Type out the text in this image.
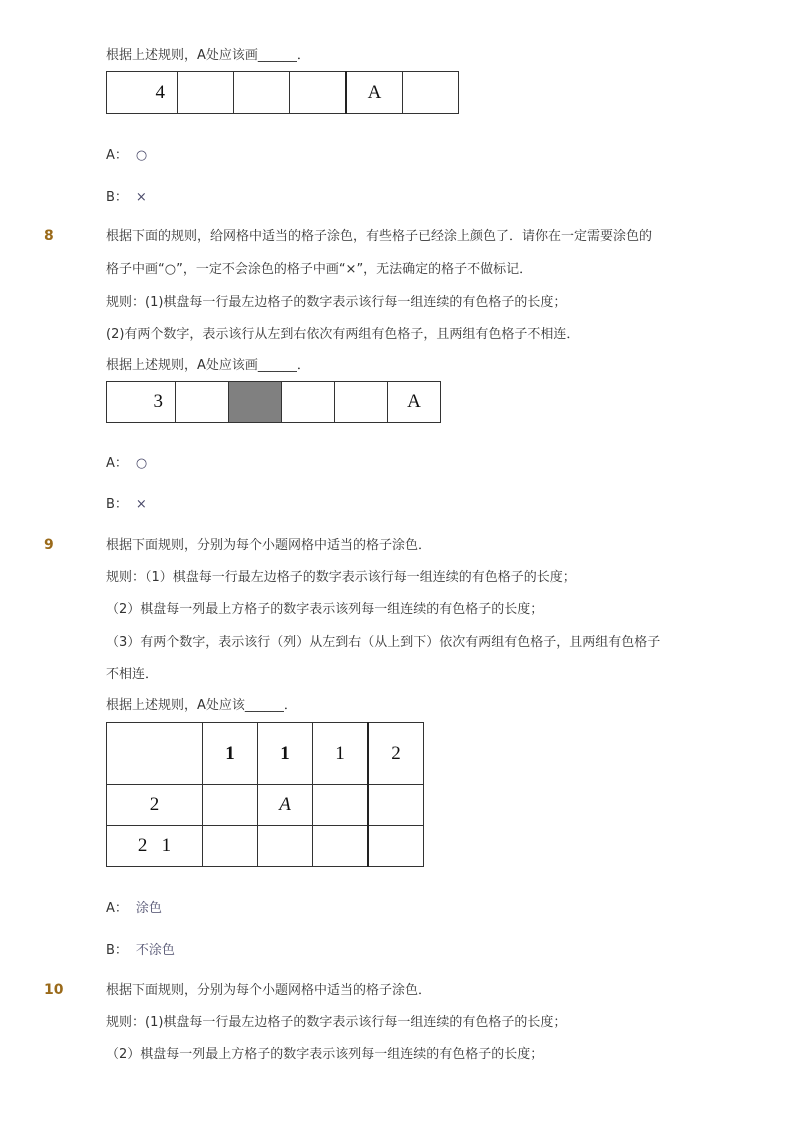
根据上述规则，A处应该画______．
4				A	
A： ○
B： ×
8	根据下面的规则，给网格中适当的格子涂色，有些格子已经涂上颜色了．请你在一定需要涂色的
格子中画“○”，一定不会涂色的格子中画“×”，无法确定的格子不做标记．
规则：(1)棋盘每一行最左边格子的数字表示该行每一组连续的有色格子的长度；
(2)有两个数字，表示该行从左到右依次有两组有色格子，且两组有色格子不相连．
根据上述规则，A处应该画______．
3					A
A： ○
B： ×
9	根据下面规则，分别为每个小题网格中适当的格子涂色．
规则：（1）棋盘每一行最左边格子的数字表示该行每一组连续的有色格子的长度；
（2）棋盘每一列最上方格子的数字表示该列每一组连续的有色格子的长度；
（3）有两个数字，表示该行（列）从左到右（从上到下）依次有两组有色格子，且两组有色格子
不相连．
根据上述规则，A处应该______．
	1	1	1	2
2		A		
2   1				
A： 涂色
B： 不涂色
10	根据下面规则，分别为每个小题网格中适当的格子涂色．
规则：(1)棋盘每一行最左边格子的数字表示该行每一组连续的有色格子的长度；
（2）棋盘每一列最上方格子的数字表示该列每一组连续的有色格子的长度；
